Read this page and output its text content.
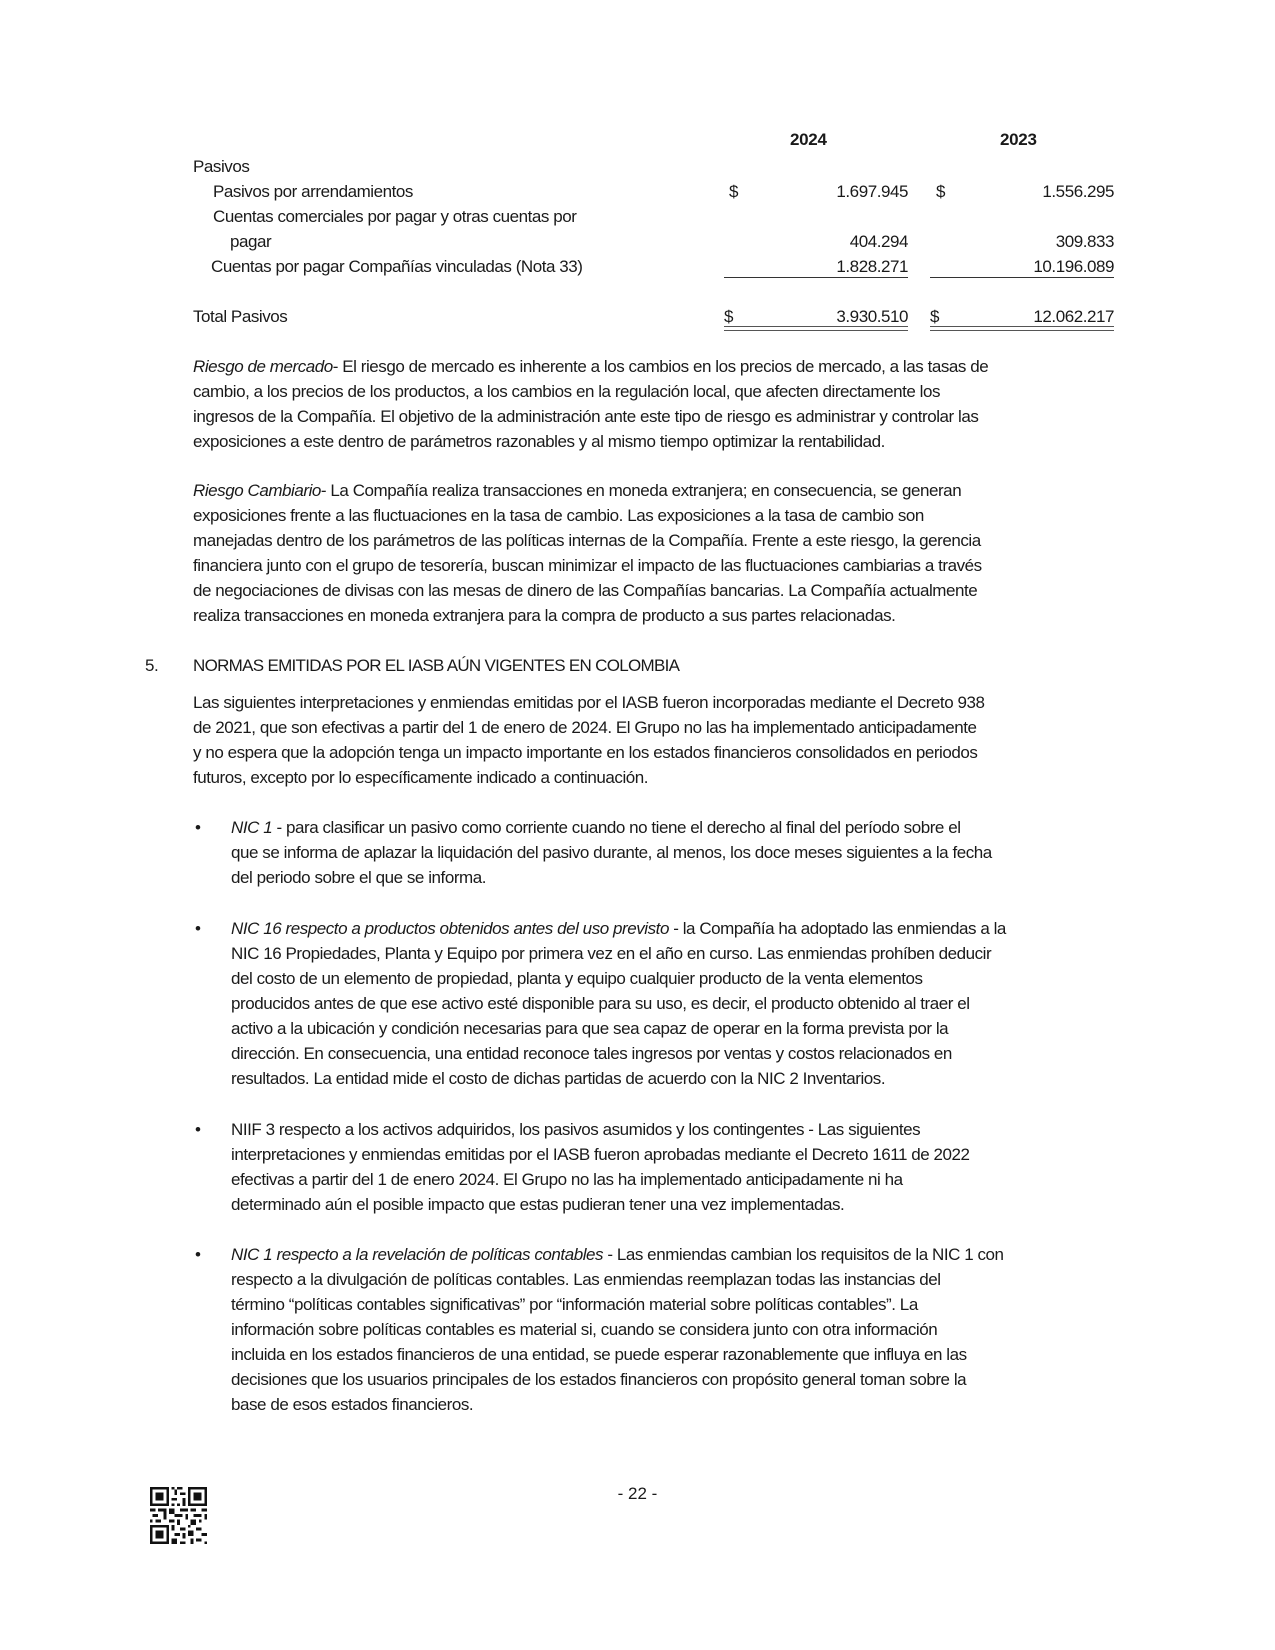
2024	2023
Pasivos
Pasivos por arrendamientos	$	1.697.945 $	1.556.295
Cuentas comerciales por pagar y otras cuentas por
pagar	404.294	309.833
Cuentas por pagar Compañías vinculadas (Nota 33)	1.828.271	10.196.089
Total Pasivos	$	3.930.510 $	12.062.217
Riesgo de mercado- El riesgo de mercado es inherente a los cambios en los precios de mercado, a las tasas de
cambio, a los precios de los productos, a los cambios en la regulación local, que afecten directamente los
ingresos de la Compañía. El objetivo de la administración ante este tipo de riesgo es administrar y controlar las
exposiciones a este dentro de parámetros razonables y al mismo tiempo optimizar la rentabilidad.
Riesgo Cambiario- La Compañía realiza transacciones en moneda extranjera; en consecuencia, se generan
exposiciones frente a las fluctuaciones en la tasa de cambio. Las exposiciones a la tasa de cambio son
manejadas dentro de los parámetros de las políticas internas de la Compañía. Frente a este riesgo, la gerencia
financiera junto con el grupo de tesorería, buscan minimizar el impacto de las fluctuaciones cambiarias a través
de negociaciones de divisas con las mesas de dinero de las Compañías bancarias. La Compañía actualmente
realiza transacciones en moneda extranjera para la compra de producto a sus partes relacionadas.
5. NORMAS EMITIDAS POR EL IASB AÚN VIGENTES EN COLOMBIA
Las siguientes interpretaciones y enmiendas emitidas por el IASB fueron incorporadas mediante el Decreto 938
de 2021, que son efectivas a partir del 1 de enero de 2024. El Grupo no las ha implementado anticipadamente
y no espera que la adopción tenga un impacto importante en los estados financieros consolidados en periodos
futuros, excepto por lo específicamente indicado a continuación.
• NIC 1 - para clasificar un pasivo como corriente cuando no tiene el derecho al final del período sobre el
que se informa de aplazar la liquidación del pasivo durante, al menos, los doce meses siguientes a la fecha
del periodo sobre el que se informa.
• NIC 16 respecto a productos obtenidos antes del uso previsto - la Compañía ha adoptado las enmiendas a la
NIC 16 Propiedades, Planta y Equipo por primera vez en el año en curso. Las enmiendas prohíben deducir
del costo de un elemento de propiedad, planta y equipo cualquier producto de la venta elementos
producidos antes de que ese activo esté disponible para su uso, es decir, el producto obtenido al traer el
activo a la ubicación y condición necesarias para que sea capaz de operar en la forma prevista por la
dirección. En consecuencia, una entidad reconoce tales ingresos por ventas y costos relacionados en
resultados. La entidad mide el costo de dichas partidas de acuerdo con la NIC 2 Inventarios.
• NIIF 3 respecto a los activos adquiridos, los pasivos asumidos y los contingentes - Las siguientes
interpretaciones y enmiendas emitidas por el IASB fueron aprobadas mediante el Decreto 1611 de 2022
efectivas a partir del 1 de enero 2024. El Grupo no las ha implementado anticipadamente ni ha
determinado aún el posible impacto que estas pudieran tener una vez implementadas.
• NIC 1 respecto a la revelación de políticas contables - Las enmiendas cambian los requisitos de la NIC 1 con
respecto a la divulgación de políticas contables. Las enmiendas reemplazan todas las instancias del
término “políticas contables significativas” por “información material sobre políticas contables”. La
información sobre políticas contables es material si, cuando se considera junto con otra información
incluida en los estados financieros de una entidad, se puede esperar razonablemente que influya en las
decisiones que los usuarios principales de los estados financieros con propósito general toman sobre la
base de esos estados financieros.
- 22 -
